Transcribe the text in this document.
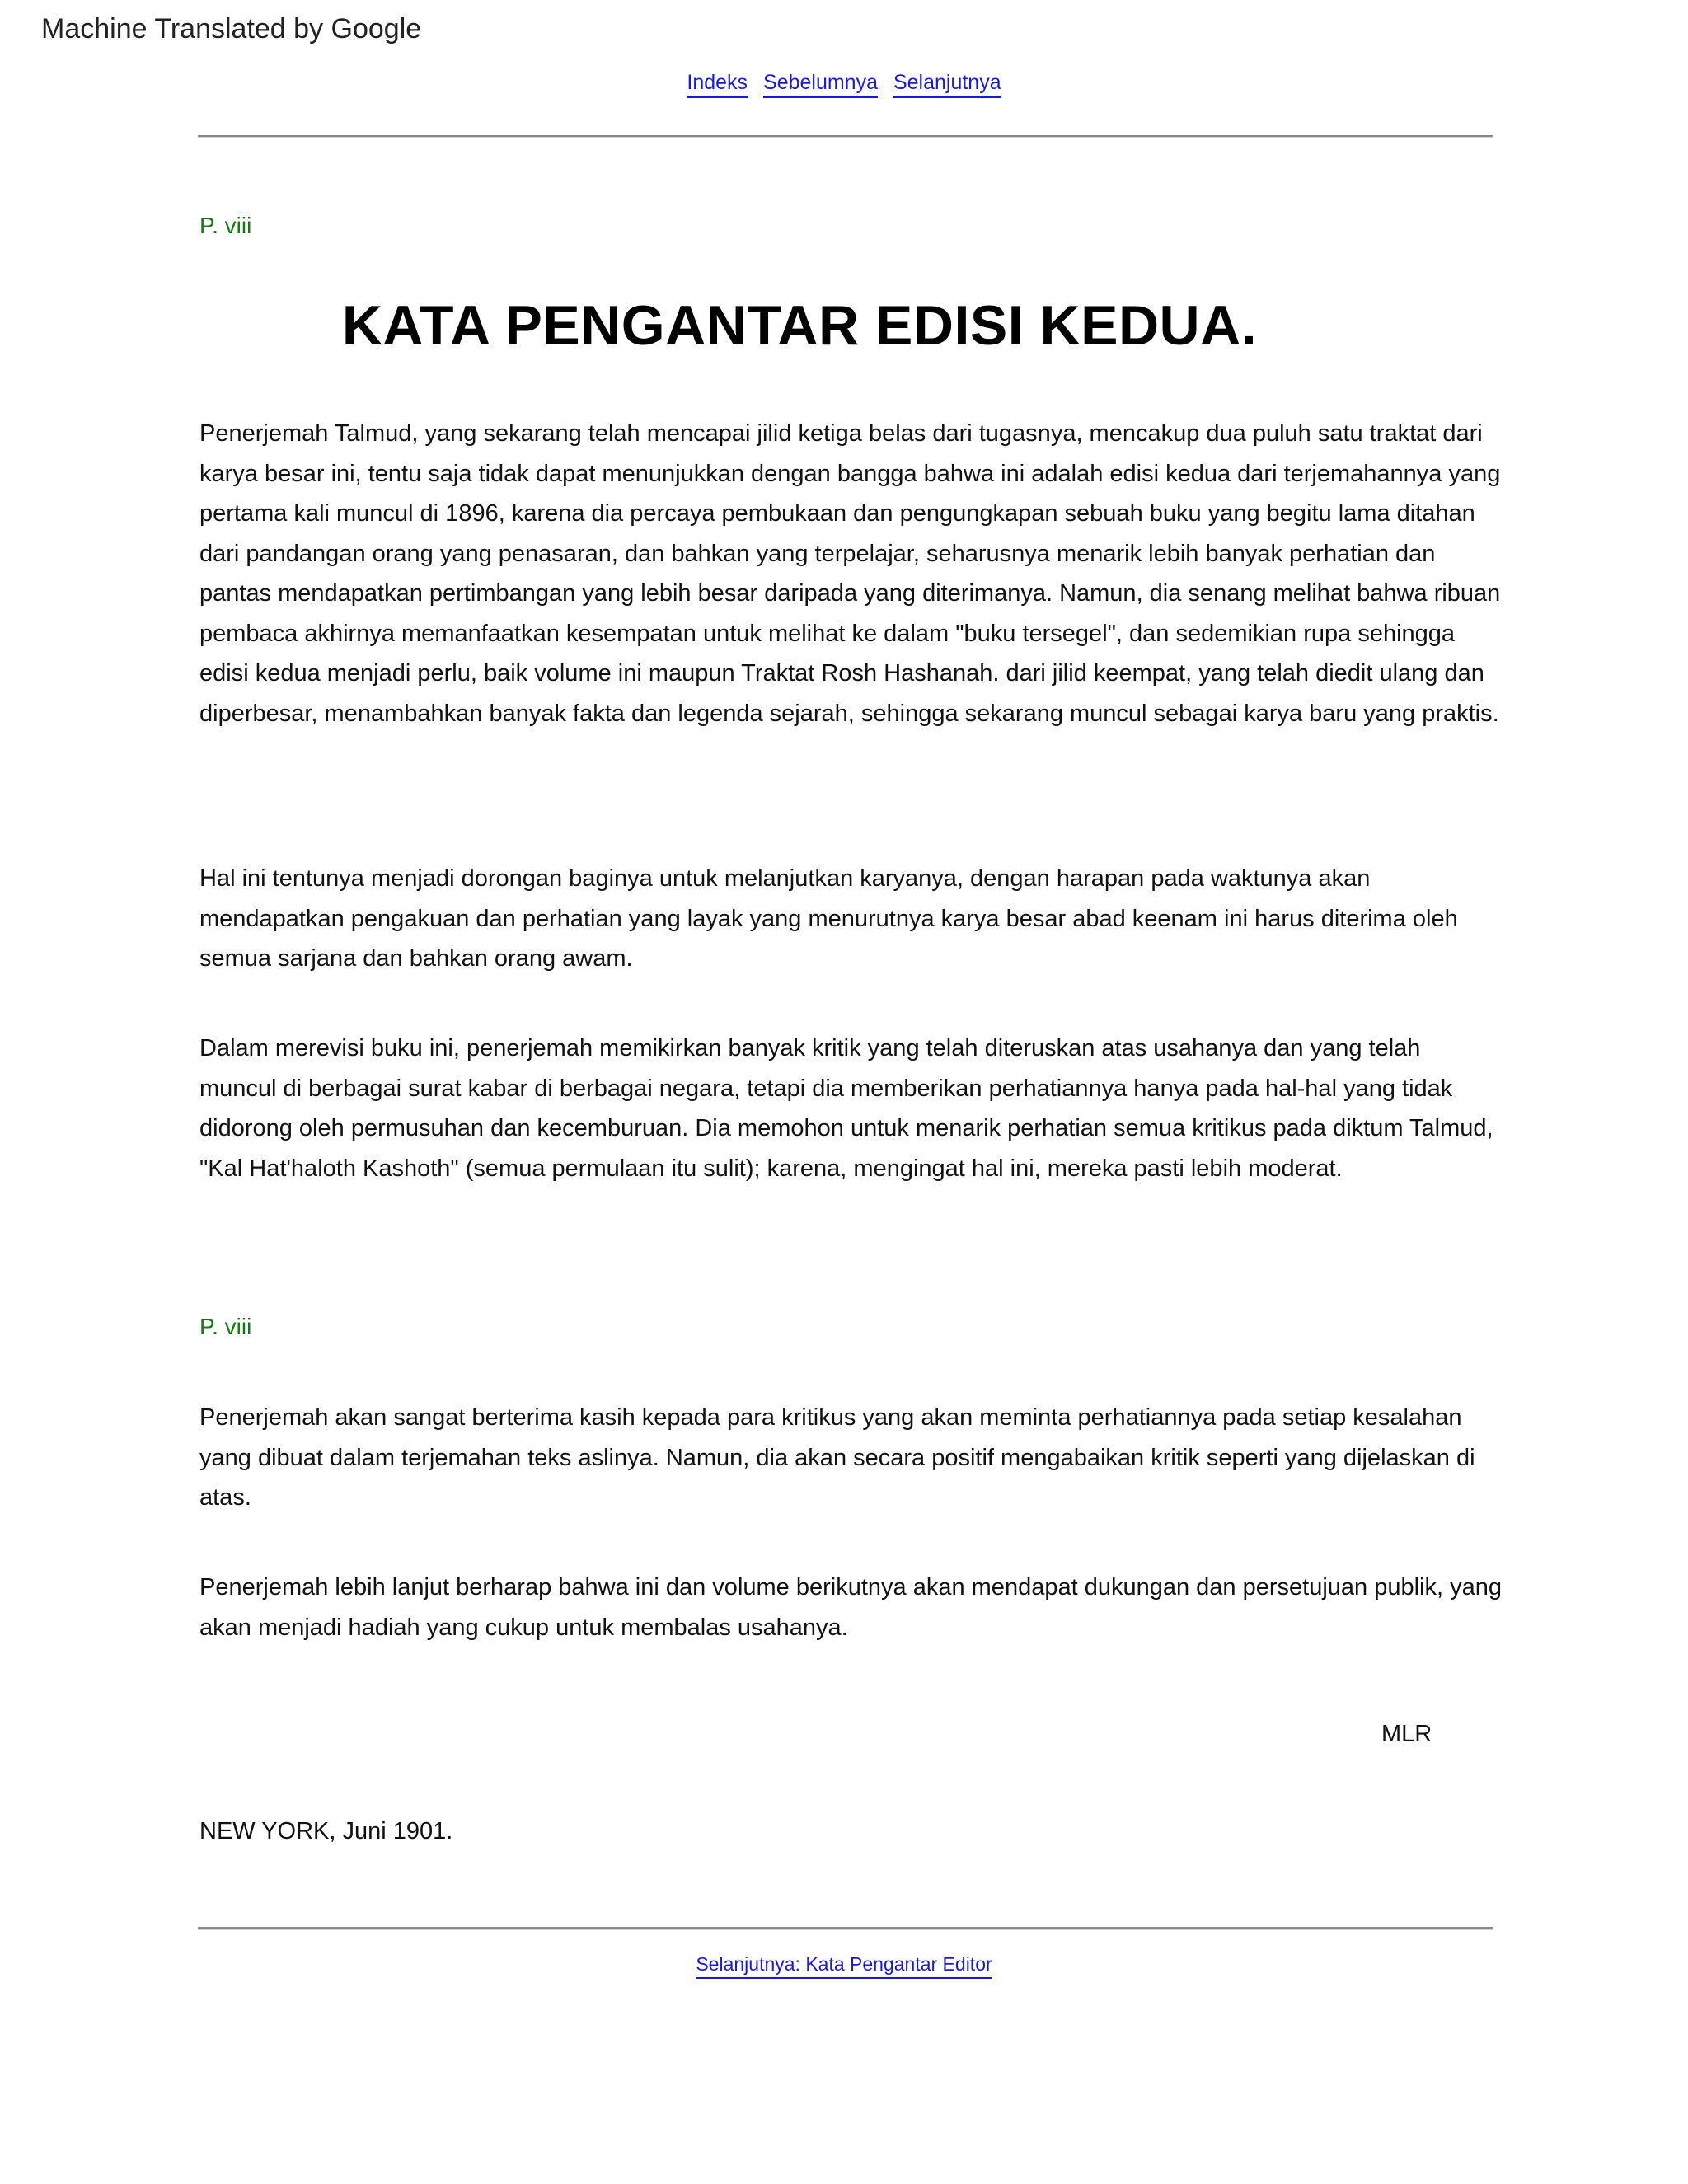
Machine Translated by Google
Indeks Sebelumnya Selanjutnya
P. viii
KATA PENGANTAR EDISI KEDUA.

Penerjemah Talmud, yang sekarang telah mencapai jilid ketiga belas dari tugasnya, mencakup dua puluh satu traktat dari karya besar ini, tentu saja tidak dapat menunjukkan dengan bangga bahwa ini adalah edisi kedua dari terjemahannya yang pertama kali muncul di 1896, karena dia percaya pembukaan dan pengungkapan sebuah buku yang begitu lama ditahan dari pandangan orang yang penasaran, dan bahkan yang terpelajar, seharusnya menarik lebih banyak perhatian dan pantas mendapatkan pertimbangan yang lebih besar daripada yang diterimanya. Namun, dia senang melihat bahwa ribuan pembaca akhirnya memanfaatkan kesempatan untuk melihat ke dalam "buku tersegel", dan sedemikian rupa sehingga edisi kedua menjadi perlu, baik volume ini maupun Traktat Rosh Hashanah. dari jilid keempat, yang telah diedit ulang dan diperbesar, menambahkan banyak fakta dan legenda sejarah, sehingga sekarang muncul sebagai karya baru yang praktis.

Hal ini tentunya menjadi dorongan baginya untuk melanjutkan karyanya, dengan harapan pada waktunya akan mendapatkan pengakuan dan perhatian yang layak yang menurutnya karya besar abad keenam ini harus diterima oleh semua sarjana dan bahkan orang awam.

Dalam merevisi buku ini, penerjemah memikirkan banyak kritik yang telah diteruskan atas usahanya dan yang telah muncul di berbagai surat kabar di berbagai negara, tetapi dia memberikan perhatiannya hanya pada hal-hal yang tidak didorong oleh permusuhan dan kecemburuan. Dia memohon untuk menarik perhatian semua kritikus pada diktum Talmud, "Kal Hat'haloth Kashoth" (semua permulaan itu sulit); karena, mengingat hal ini, mereka pasti lebih moderat.

P. viii

Penerjemah akan sangat berterima kasih kepada para kritikus yang akan meminta perhatiannya pada setiap kesalahan yang dibuat dalam terjemahan teks aslinya. Namun, dia akan secara positif mengabaikan kritik seperti yang dijelaskan di atas.

Penerjemah lebih lanjut berharap bahwa ini dan volume berikutnya akan mendapat dukungan dan persetujuan publik, yang akan menjadi hadiah yang cukup untuk membalas usahanya.

MLR
NEW YORK, Juni 1901.
Selanjutnya: Kata Pengantar Editor
